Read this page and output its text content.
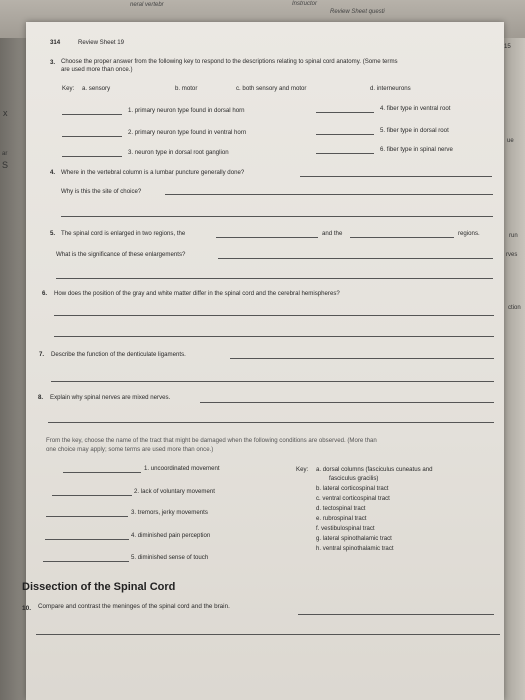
neral vertebr	Instructor
Review Sheet questi
x
ar
S
ue
run
rves
ction
314	Review Sheet 19
15
3. Choose the proper answer from the following key to respond to the descriptions relating to spinal cord anatomy. (Some terms
are used more than once.)
Key: a. sensory	b. motor	c. both sensory and motor	d. interneurons
1. primary neuron type found in dorsal horn	4. fiber type in ventral root
2. primary neuron type found in ventral horn	5. fiber type in dorsal root
3. neuron type in dorsal root ganglion	6. fiber type in spinal nerve
4. Where in the vertebral column is a lumbar puncture generally done?
Why is this the site of choice?
5. The spinal cord is enlarged in two regions, the	and the	regions.
What is the significance of these enlargements?
6. How does the position of the gray and white matter differ in the spinal cord and the cerebral hemispheres?
7. Describe the function of the denticulate ligaments.
8. Explain why spinal nerves are mixed nerves.
From the key, choose the name of the tract that might be damaged when the following conditions are observed. (More than
one choice may apply; some terms are used more than once.)
1. uncoordinated movement
2. lack of voluntary movement
3. tremors, jerky movements
4. diminished pain perception
5. diminished sense of touch
Key: a. dorsal columns (fasciculus cuneatus and
fasciculus gracilis)
b. lateral corticospinal tract
c. ventral corticospinal tract
d. tectospinal tract
e. rubrospinal tract
f. vestibulospinal tract
g. lateral spinothalamic tract
h. ventral spinothalamic tract
Dissection of the Spinal Cord
10. Compare and contrast the meninges of the spinal cord and the brain.
